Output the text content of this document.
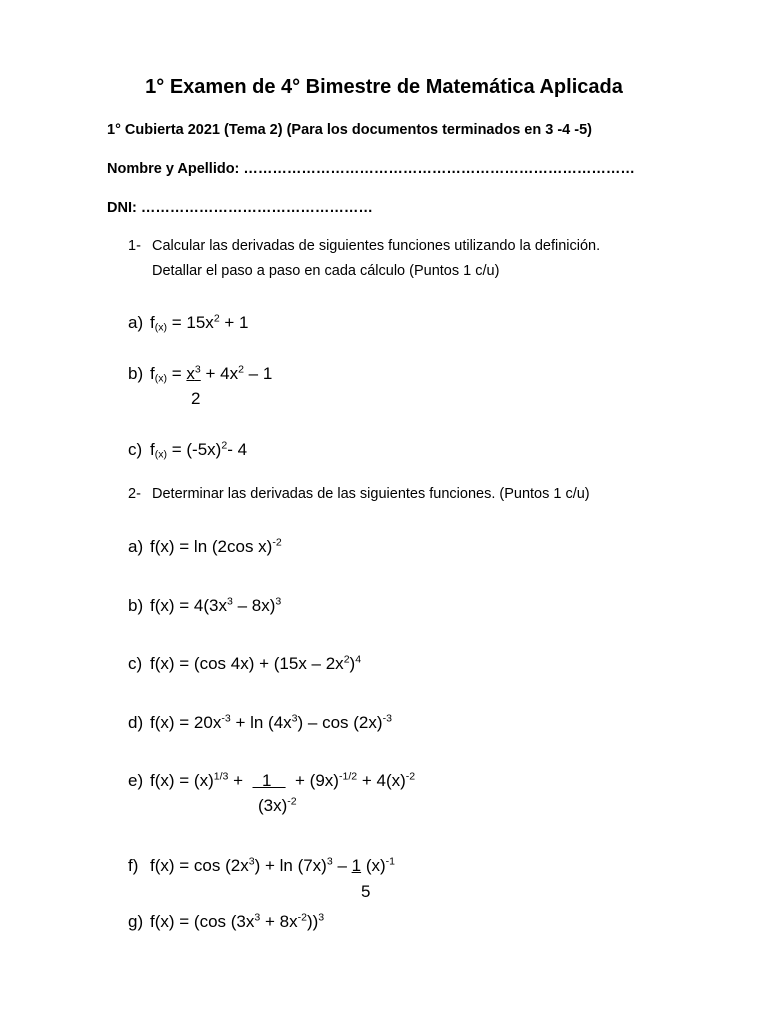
1° Examen de 4° Bimestre de Matemática Aplicada
1° Cubierta 2021 (Tema 2) (Para los documentos terminados en 3 -4 -5)
Nombre y Apellido: ………………………………………………………………………
DNI: …………………………………………
1- Calcular las derivadas de siguientes funciones utilizando la definición.
Detallar el paso a paso en cada cálculo (Puntos 1 c/u)
a) $f_{(x)} = 15x^2 + 1$
b) $f_{(x)} = x^3 + 4x^2 - 1$
2
c) $f_{(x)} = (-5x)^2-$ 4
2- Determinar las derivadas de las siguientes funciones. (Puntos 1 c/u)
a) f(x) = ln (2cos x)$^{-2}$
b) $f(x) = 4(3x^3 - 8x)^3$
c) f(x) = (cos $4x) + (15x - 2x^2)^4$
d) $f(x) = 20x^{-3} + \ln (4x^3) - \cos (2x)^{-3}$
e) $f(x) = (x)^{1/3}$ +    1     + $(9x)^{-1/2} + 4(x)^{-2}$
$(3x)^{-2}$
f) $f(x) = \cos (2x^3) + \ln (7x)^3 - 1$ $(x)^{-1}$
5
g) f(x) = (cos $(3x^3 + 8x^{-2}))^3$
